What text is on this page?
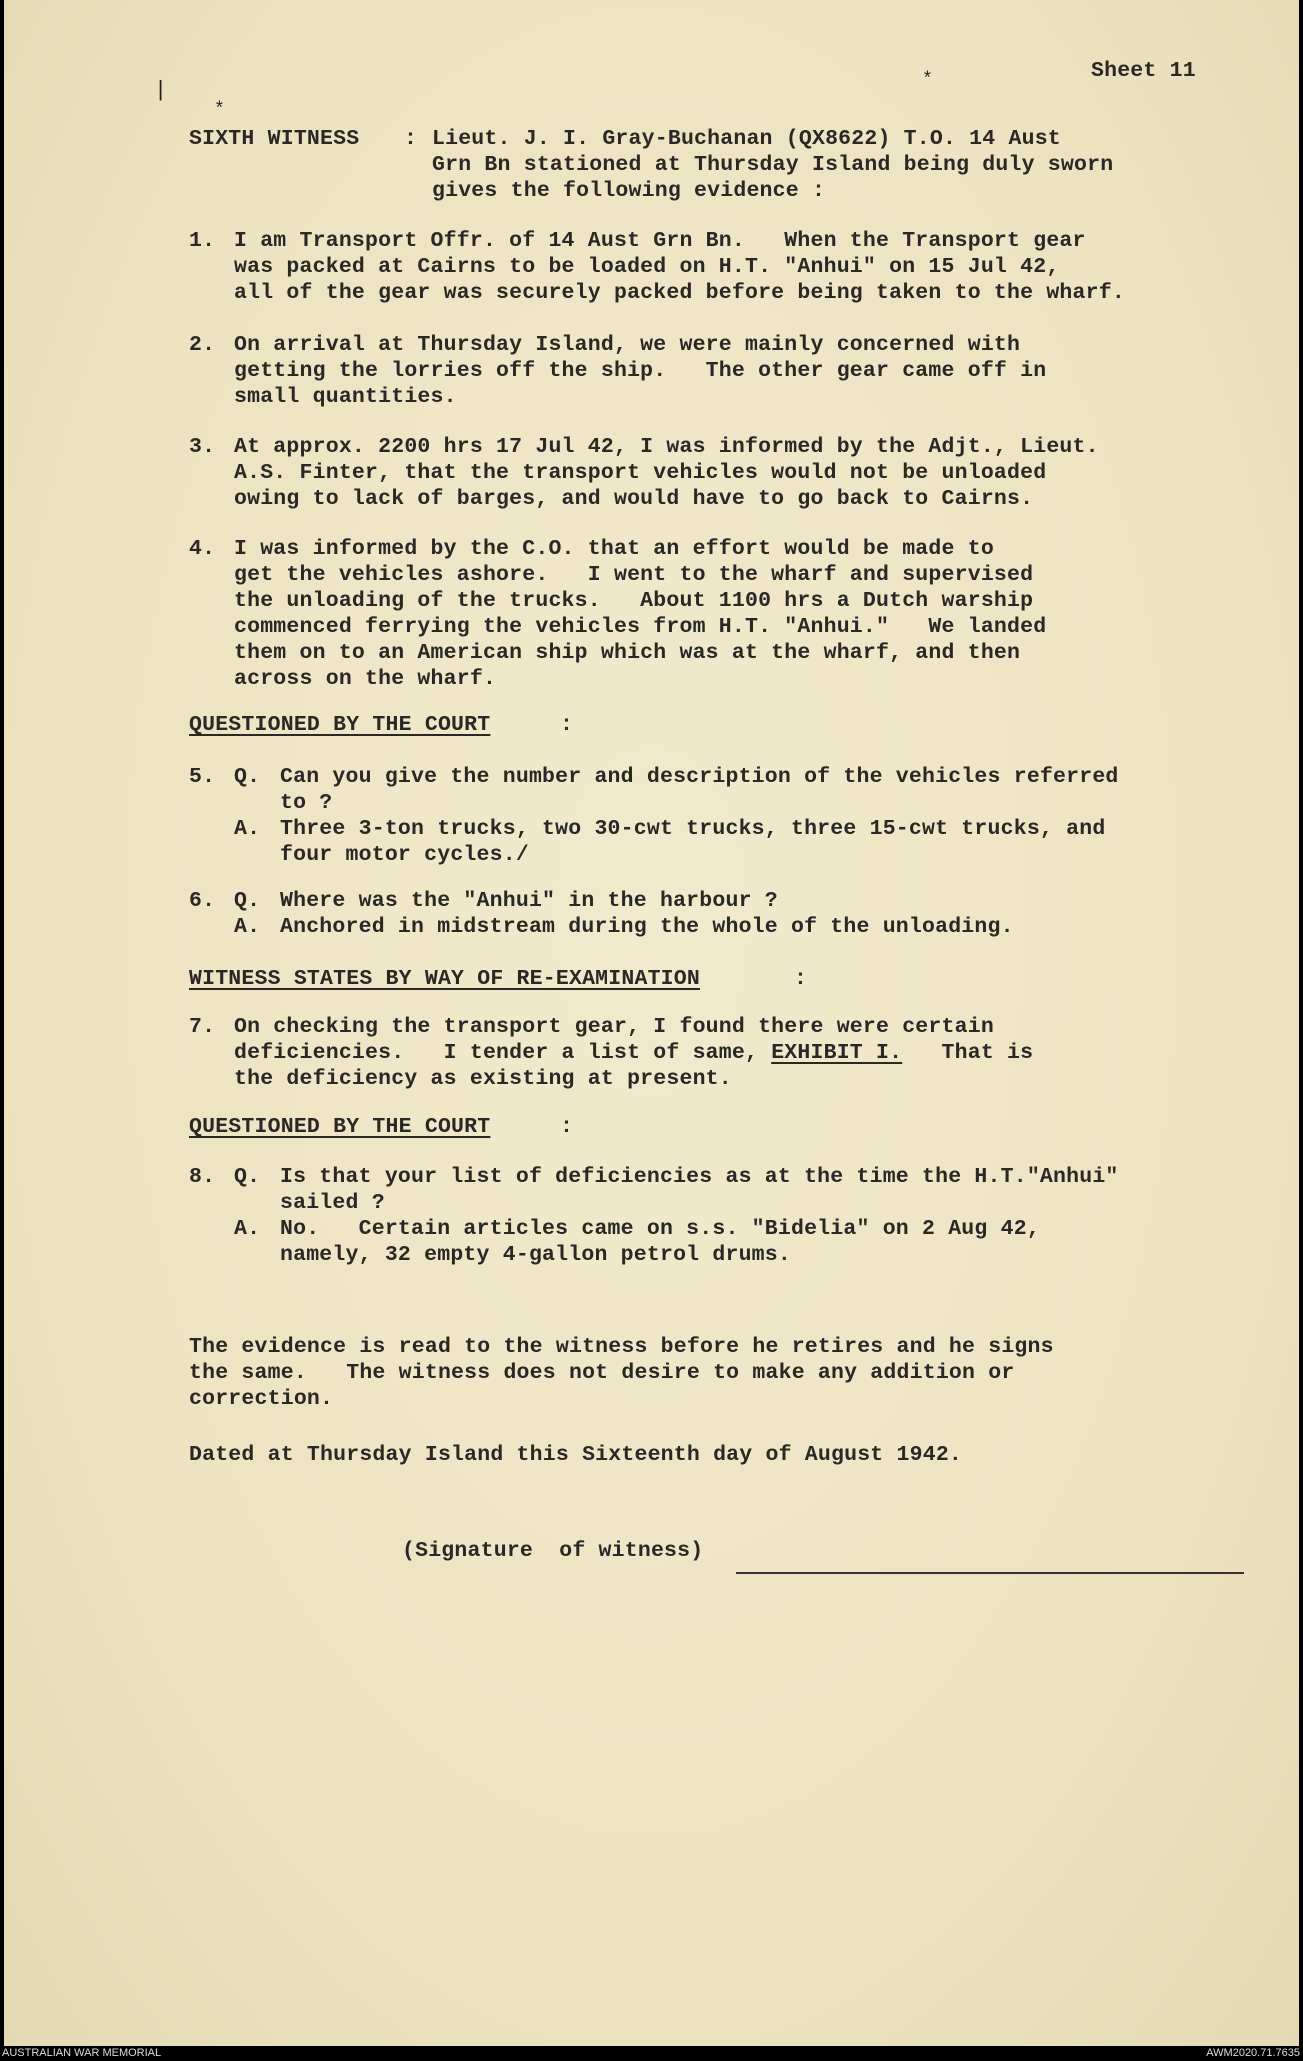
Sheet 11
|
*
*
SIXTH WITNESS : Lieut. J. I. Gray-Buchanan (QX8622) T.O. 14 Aust
Grn Bn stationed at Thursday Island being duly sworn
gives the following evidence :
1. I am Transport Offr. of 14 Aust Grn Bn.   When the Transport gear
was packed at Cairns to be loaded on H.T. "Anhui" on 15 Jul 42,
all of the gear was securely packed before being taken to the wharf.
2. On arrival at Thursday Island, we were mainly concerned with
getting the lorries off the ship.   The other gear came off in
small quantities.
3. At approx. 2200 hrs 17 Jul 42, I was informed by the Adjt., Lieut.
A.S. Finter, that the transport vehicles would not be unloaded
owing to lack of barges, and would have to go back to Cairns.
4. I was informed by the C.O. that an effort would be made to
get the vehicles ashore.   I went to the wharf and supervised
the unloading of the trucks.   About 1100 hrs a Dutch warship
commenced ferrying the vehicles from H.T. "Anhui."   We landed
them on to an American ship which was at the wharf, and then
across on the wharf.
QUESTIONED BY THE COURT	:
5. Q. Can you give the number and description of the vehicles referred
to ?
A. Three 3-ton trucks, two 30-cwt trucks, three 15-cwt trucks, and
four motor cycles./
6. Q. Where was the "Anhui" in the harbour ?
A. Anchored in midstream during the whole of the unloading.
WITNESS STATES BY WAY OF RE-EXAMINATION	:
7. On checking the transport gear, I found there were certain
deficiencies.   I tender a list of same, EXHIBIT I.   That is
the deficiency as existing at present.
QUESTIONED BY THE COURT	:
8. Q. Is that your list of deficiencies as at the time the H.T."Anhui"
sailed ?
A. No.   Certain articles came on s.s. "Bidelia" on 2 Aug 42,
namely, 32 empty 4-gallon petrol drums.
The evidence is read to the witness before he retires and he signs
the same.   The witness does not desire to make any addition or
correction.
Dated at Thursday Island this Sixteenth day of August 1942.
(Signature  of witness)
AUSTRALIAN WAR MEMORIAL	AWM2020.71.7635
